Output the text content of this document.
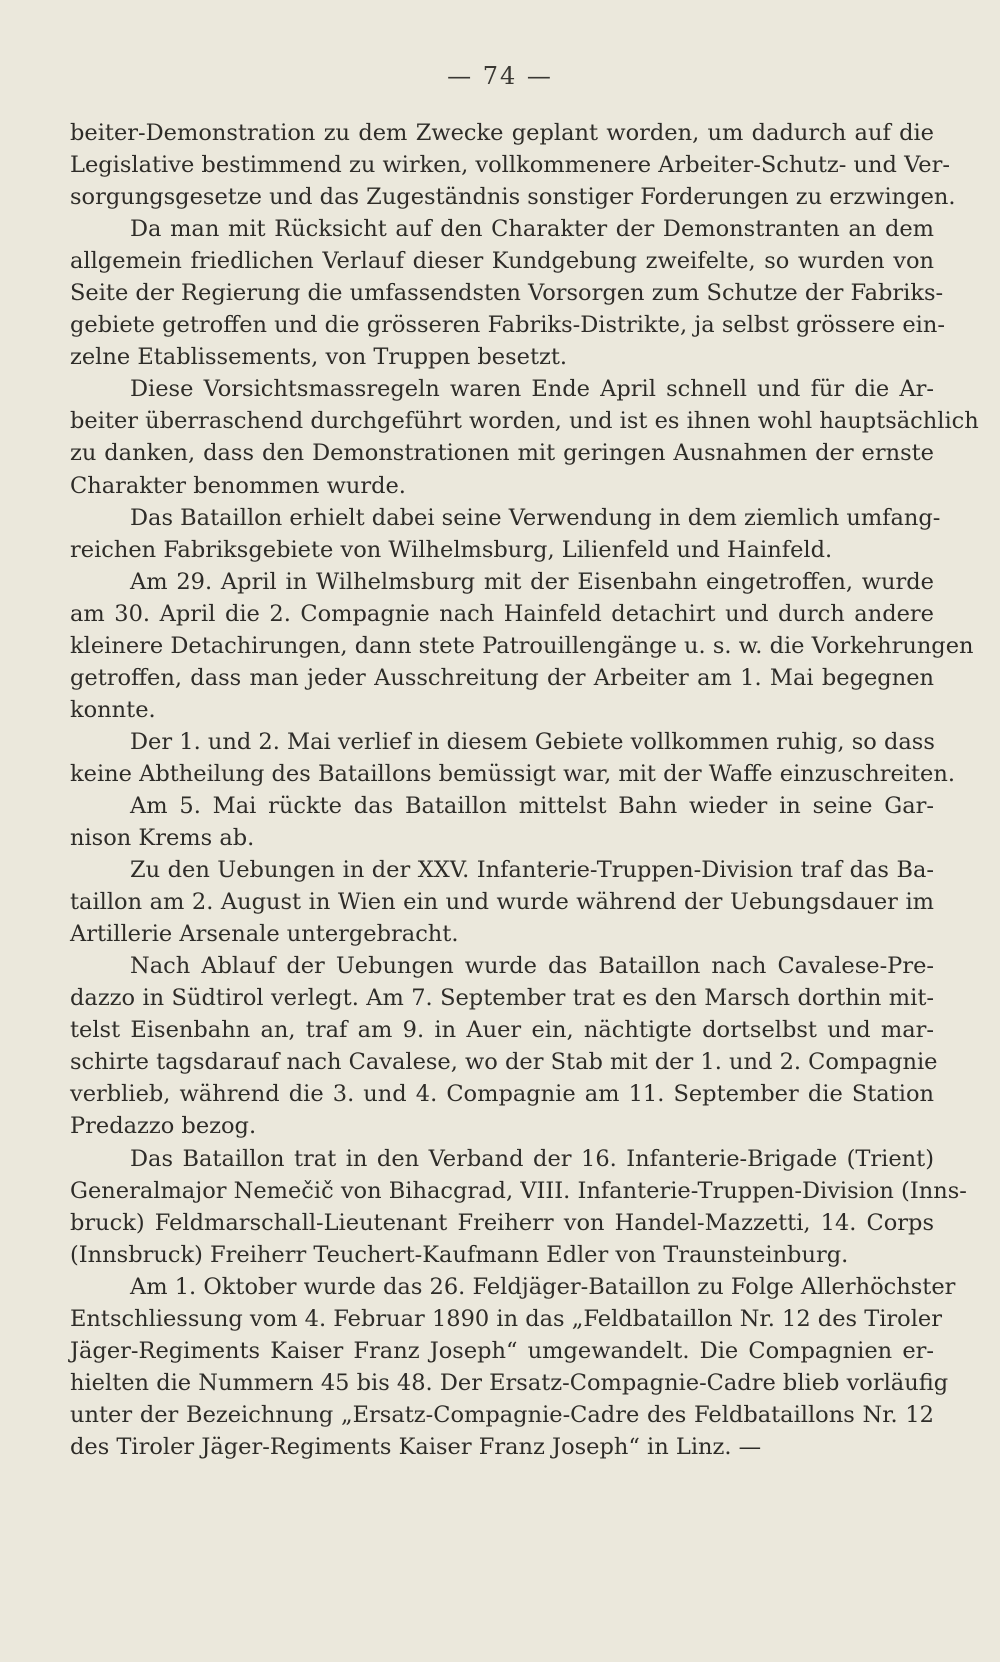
— 74 —
beiter-Demonstration zu dem Zwecke geplant worden, um dadurch auf die
Legislative bestimmend zu wirken, vollkommenere Arbeiter-Schutz- und Ver-
sorgungsgesetze und das Zugeständnis sonstiger Forderungen zu erzwingen.
Da man mit Rücksicht auf den Charakter der Demonstranten an dem
allgemein friedlichen Verlauf dieser Kundgebung zweifelte, so wurden von
Seite der Regierung die umfassendsten Vorsorgen zum Schutze der Fabriks-
gebiete getroffen und die grösseren Fabriks-Distrikte, ja selbst grössere ein-
zelne Etablissements, von Truppen besetzt.
Diese Vorsichtsmassregeln waren Ende April schnell und für die Ar-
beiter überraschend durchgeführt worden, und ist es ihnen wohl hauptsächlich
zu danken, dass den Demonstrationen mit geringen Ausnahmen der ernste
Charakter benommen wurde.
Das Bataillon erhielt dabei seine Verwendung in dem ziemlich umfang-
reichen Fabriksgebiete von Wilhelmsburg, Lilienfeld und Hainfeld.
Am 29. April in Wilhelmsburg mit der Eisenbahn eingetroffen, wurde
am 30. April die 2. Compagnie nach Hainfeld detachirt und durch andere
kleinere Detachirungen, dann stete Patrouillengänge u. s. w. die Vorkehrungen
getroffen, dass man jeder Ausschreitung der Arbeiter am 1. Mai begegnen
konnte.
Der 1. und 2. Mai verlief in diesem Gebiete vollkommen ruhig, so dass
keine Abtheilung des Bataillons bemüssigt war, mit der Waffe einzuschreiten.
Am 5. Mai rückte das Bataillon mittelst Bahn wieder in seine Gar-
nison Krems ab.
Zu den Uebungen in der XXV. Infanterie-Truppen-Division traf das Ba-
taillon am 2. August in Wien ein und wurde während der Uebungsdauer im
Artillerie Arsenale untergebracht.
Nach Ablauf der Uebungen wurde das Bataillon nach Cavalese-Pre-
dazzo in Südtirol verlegt. Am 7. September trat es den Marsch dorthin mit-
telst Eisenbahn an, traf am 9. in Auer ein, nächtigte dortselbst und mar-
schirte tagsdarauf nach Cavalese, wo der Stab mit der 1. und 2. Compagnie
verblieb, während die 3. und 4. Compagnie am 11. September die Station
Predazzo bezog.
Das Bataillon trat in den Verband der 16. Infanterie-Brigade (Trient)
Generalmajor Nemečič von Bihacgrad, VIII. Infanterie-Truppen-Division (Inns-
bruck) Feldmarschall-Lieutenant Freiherr von Handel-Mazzetti, 14. Corps
(Innsbruck) Freiherr Teuchert-Kaufmann Edler von Traunsteinburg.
Am 1. Oktober wurde das 26. Feldjäger-Bataillon zu Folge Allerhöchster
Entschliessung vom 4. Februar 1890 in das „Feldbataillon Nr. 12 des Tiroler
Jäger-Regiments Kaiser Franz Joseph“ umgewandelt. Die Compagnien er-
hielten die Nummern 45 bis 48. Der Ersatz-Compagnie-Cadre blieb vorläufig
unter der Bezeichnung „Ersatz-Compagnie-Cadre des Feldbataillons Nr. 12
des Tiroler Jäger-Regiments Kaiser Franz Joseph“ in Linz. —
